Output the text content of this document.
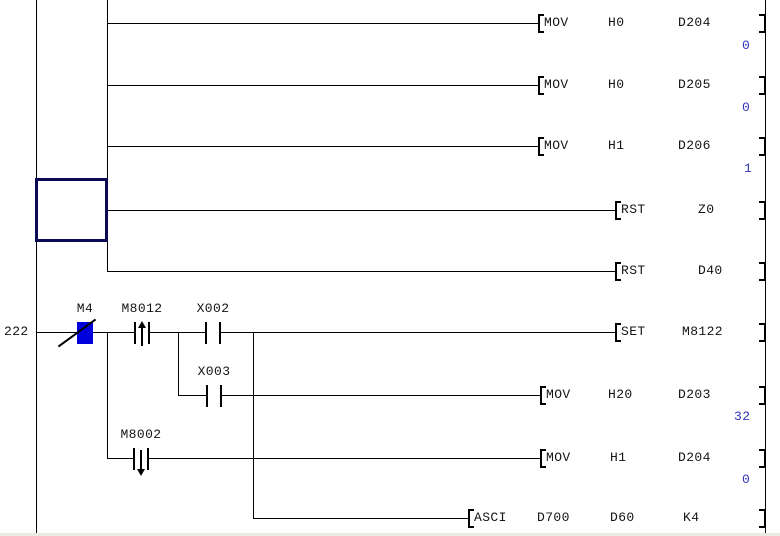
222
M4	M8012	X002
X003
M8002
MOV	H0	D204
0
MOV	H0	D205
0
MOV	H1	D206
1
RST	Z0
RST	D40
SET	M8122
MOV	H20	D203
32
MOV	H1	D204
0
ASCI D700	D60	K4
